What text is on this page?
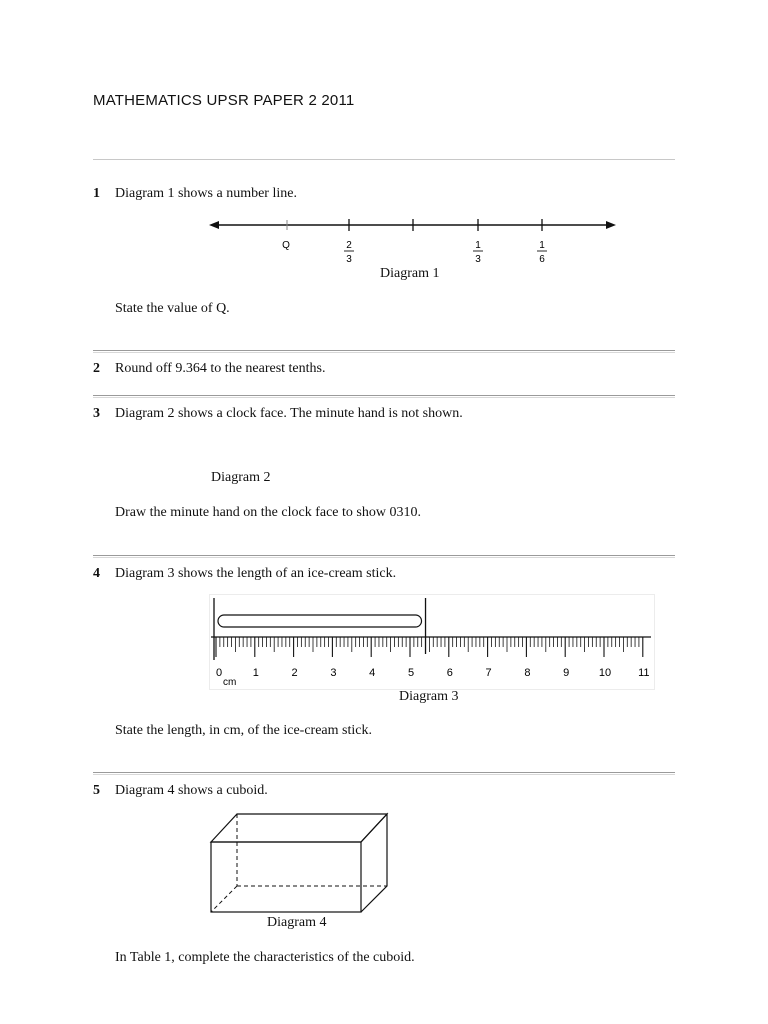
MATHEMATICS UPSR PAPER 2 2011
1 Diagram 1 shows a number line.
Q	2
3
1
3
1
6
Diagram 1
State the value of Q.
2 Round off 9.364 to the nearest tenths.
3 Diagram 2 shows a clock face. The minute hand is not shown.
Diagram 2
Draw the minute hand on the clock face to show 0310.
4 Diagram 3 shows the length of an ice-cream stick.
0	1	2	3	4	5	6	7	8	9	10 11
cm
Diagram 3
State the length, in cm, of the ice-cream stick.
5 Diagram 4 shows a cuboid.
Diagram 4
In Table 1, complete the characteristics of the cuboid.
